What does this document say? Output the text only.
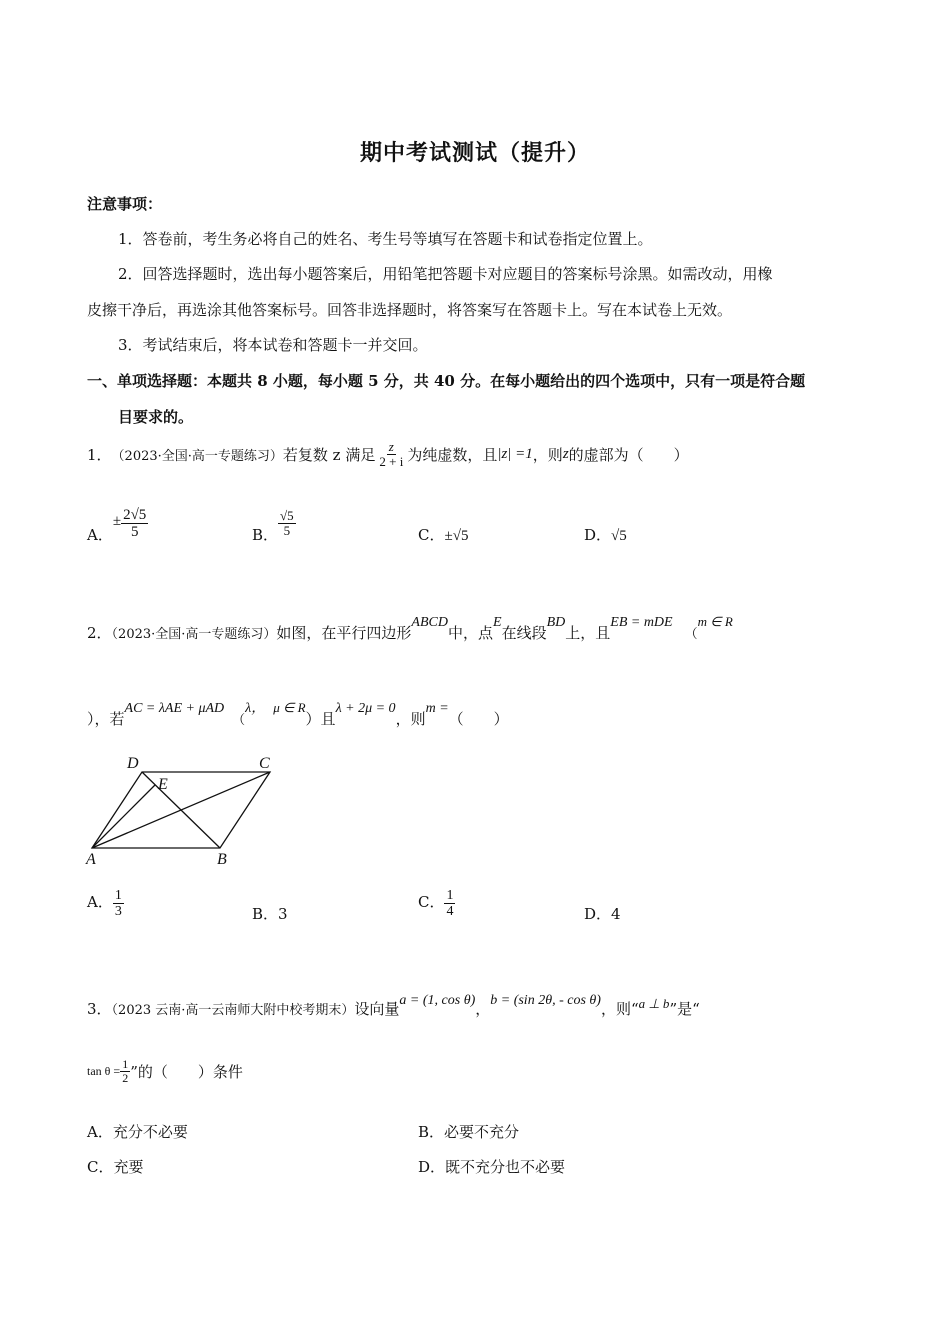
期中考试测试（提升）
注意事项：
1．答卷前，考生务必将自己的姓名、考生号等填写在答题卡和试卷指定位置上。
2．回答选择题时，选出每小题答案后，用铅笔把答题卡对应题目的答案标号涂黑。如需改动，用橡
皮擦干净后，再选涂其他答案标号。回答非选择题时，将答案写在答题卡上。写在本试卷上无效。
3．考试结束后，将本试卷和答题卡一并交回。
一、单项选择题：本题共 8 小题，每小题 5 分，共 40 分。在每小题给出的四个选项中，只有一项是符合题
目要求的。
1． （2023·全国·高一专题练习） 若复数 z 满足 $\frac{z}{2 + i}$ 为纯虚数，且 |z| =1 ，则 z 的虚部为（　　）
A．
± $\frac{2√5}{5}$	B． $\frac{√5}{5}$	C．±√5	D．√5
2．（2023·全国·高一专题练习）如图，在平行四边形ABCD中，点E在线段BD上，且EB = mDE（m ∈ R
），若AC = λAE + μAD（λ， μ ∈ R）且λ + 2μ = 0，则m =（　　）
A	B
C
D
E
A． $\frac{1}{3}$	B．3
C． $\frac{1}{4}$	D．4
3．（2023 云南·高一云南师大附中校考期末）设向量a = (1, cos θ)，b = (sin 2θ, - cos θ)，则“a ⊥ b”是“
$\tan \theta = \frac{1}{2}$ ”的（　　）条件
A．充分不必要	B．必要不充分
C．充要	D．既不充分也不必要
